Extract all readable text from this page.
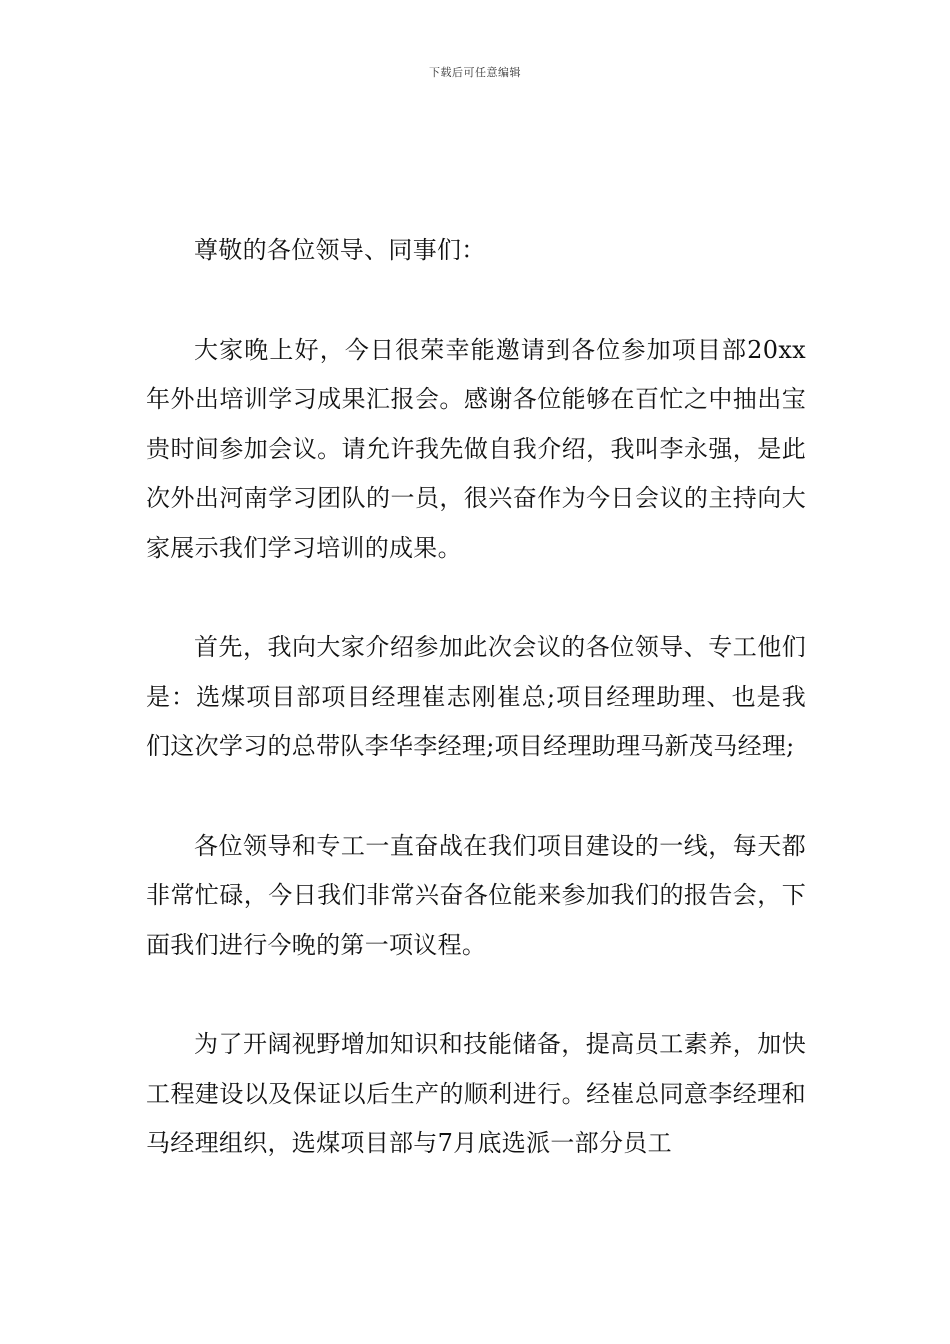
下载后可任意编辑

尊敬的各位领导、同事们：

大家晚上好，今日很荣幸能邀请到各位参加项目部20xx年外出培训学习成果汇报会。感谢各位能够在百忙之中抽出宝贵时间参加会议。请允许我先做自我介绍，我叫李永强，是此次外出河南学习团队的一员，很兴奋作为今日会议的主持向大家展示我们学习培训的成果。

首先，我向大家介绍参加此次会议的各位领导、专工他们是：选煤项目部项目经理崔志刚崔总;项目经理助理、也是我们这次学习的总带队李华李经理;项目经理助理马新茂马经理;

各位领导和专工一直奋战在我们项目建设的一线，每天都非常忙碌，今日我们非常兴奋各位能来参加我们的报告会，下面我们进行今晚的第一项议程。

为了开阔视野增加知识和技能储备，提高员工素养，加快工程建设以及保证以后生产的顺利进行。经崔总同意李经理和马经理组织，选煤项目部与7月底选派一部分员工
